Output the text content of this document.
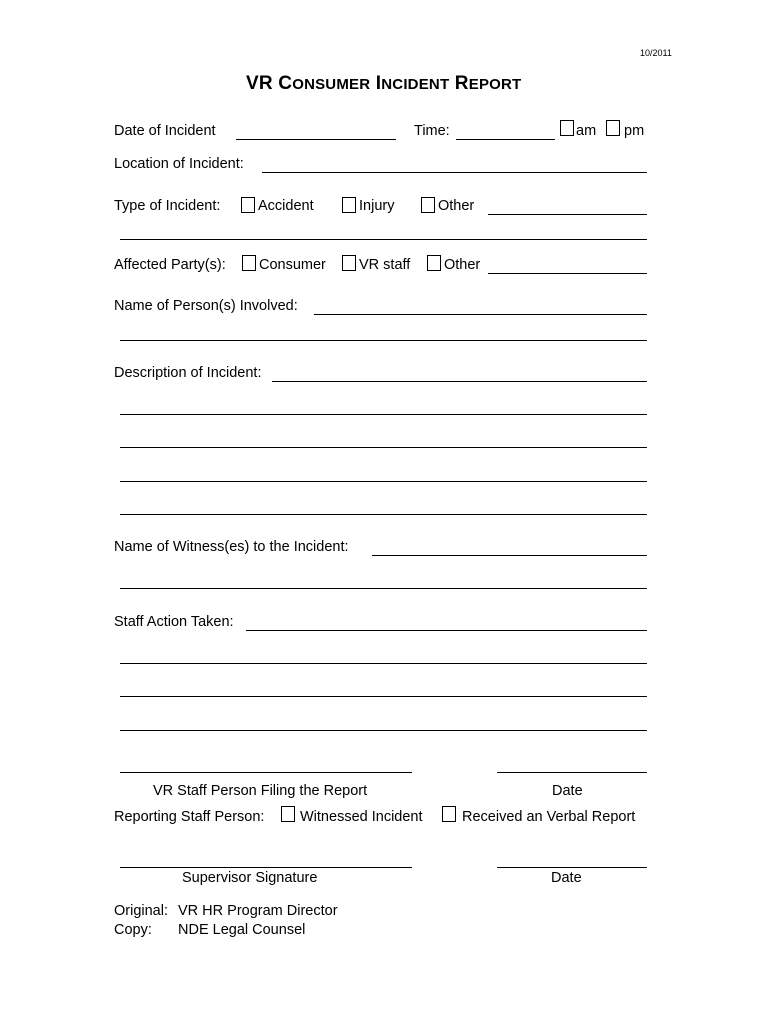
10/2011
VR CONSUMER INCIDENT REPORT
Date of Incident	Time:	am pm
Location of Incident:
Type of Incident:	Accident	Injury	Other
Affected Party(s): Consumer VR staff Other
Name of Person(s) Involved:
Description of Incident:
Name of Witness(es) to the Incident:
Staff Action Taken:
VR Staff Person Filing the Report	Date
Reporting Staff Person: Witnessed Incident	Received an Verbal Report
Supervisor Signature	Date
Original: VR HR Program Director
Copy: NDE Legal Counsel
